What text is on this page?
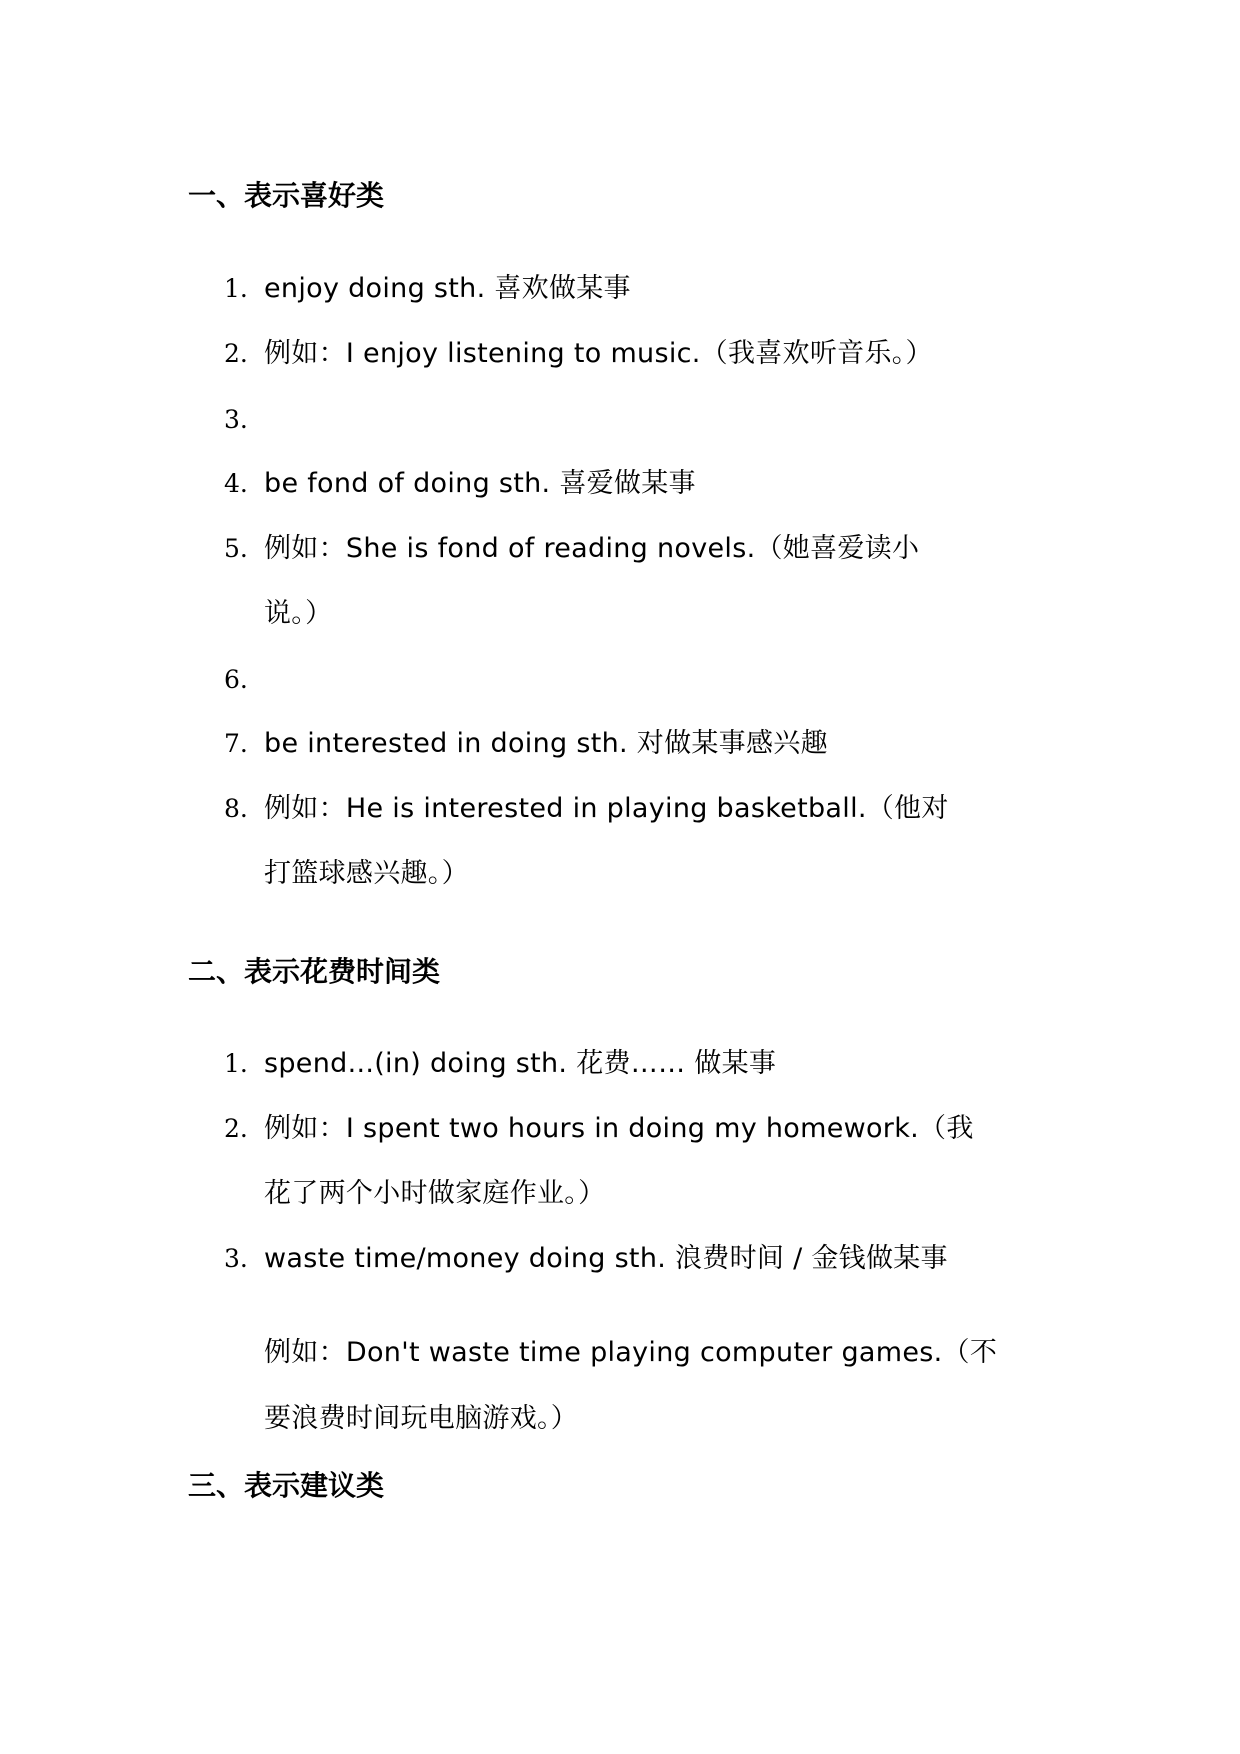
一、表示喜好类
1. enjoy doing sth. 喜欢做某事
2. 例如：I enjoy listening to music.（我喜欢听音乐。）
3.
4. be fond of doing sth. 喜爱做某事
5. 例如：She is fond of reading novels.（她喜爱读小
说。）
6.
7. be interested in doing sth. 对做某事感兴趣
8. 例如：He is interested in playing basketball.（他对
打篮球感兴趣。）
二、表示花费时间类
1. spend...(in) doing sth. 花费…… 做某事
2. 例如：I spent two hours in doing my homework.（我
花了两个小时做家庭作业。）
3. waste time/money doing sth. 浪费时间 / 金钱做某事
例如：Don't waste time playing computer games.（不
要浪费时间玩电脑游戏。）
三、表示建议类
